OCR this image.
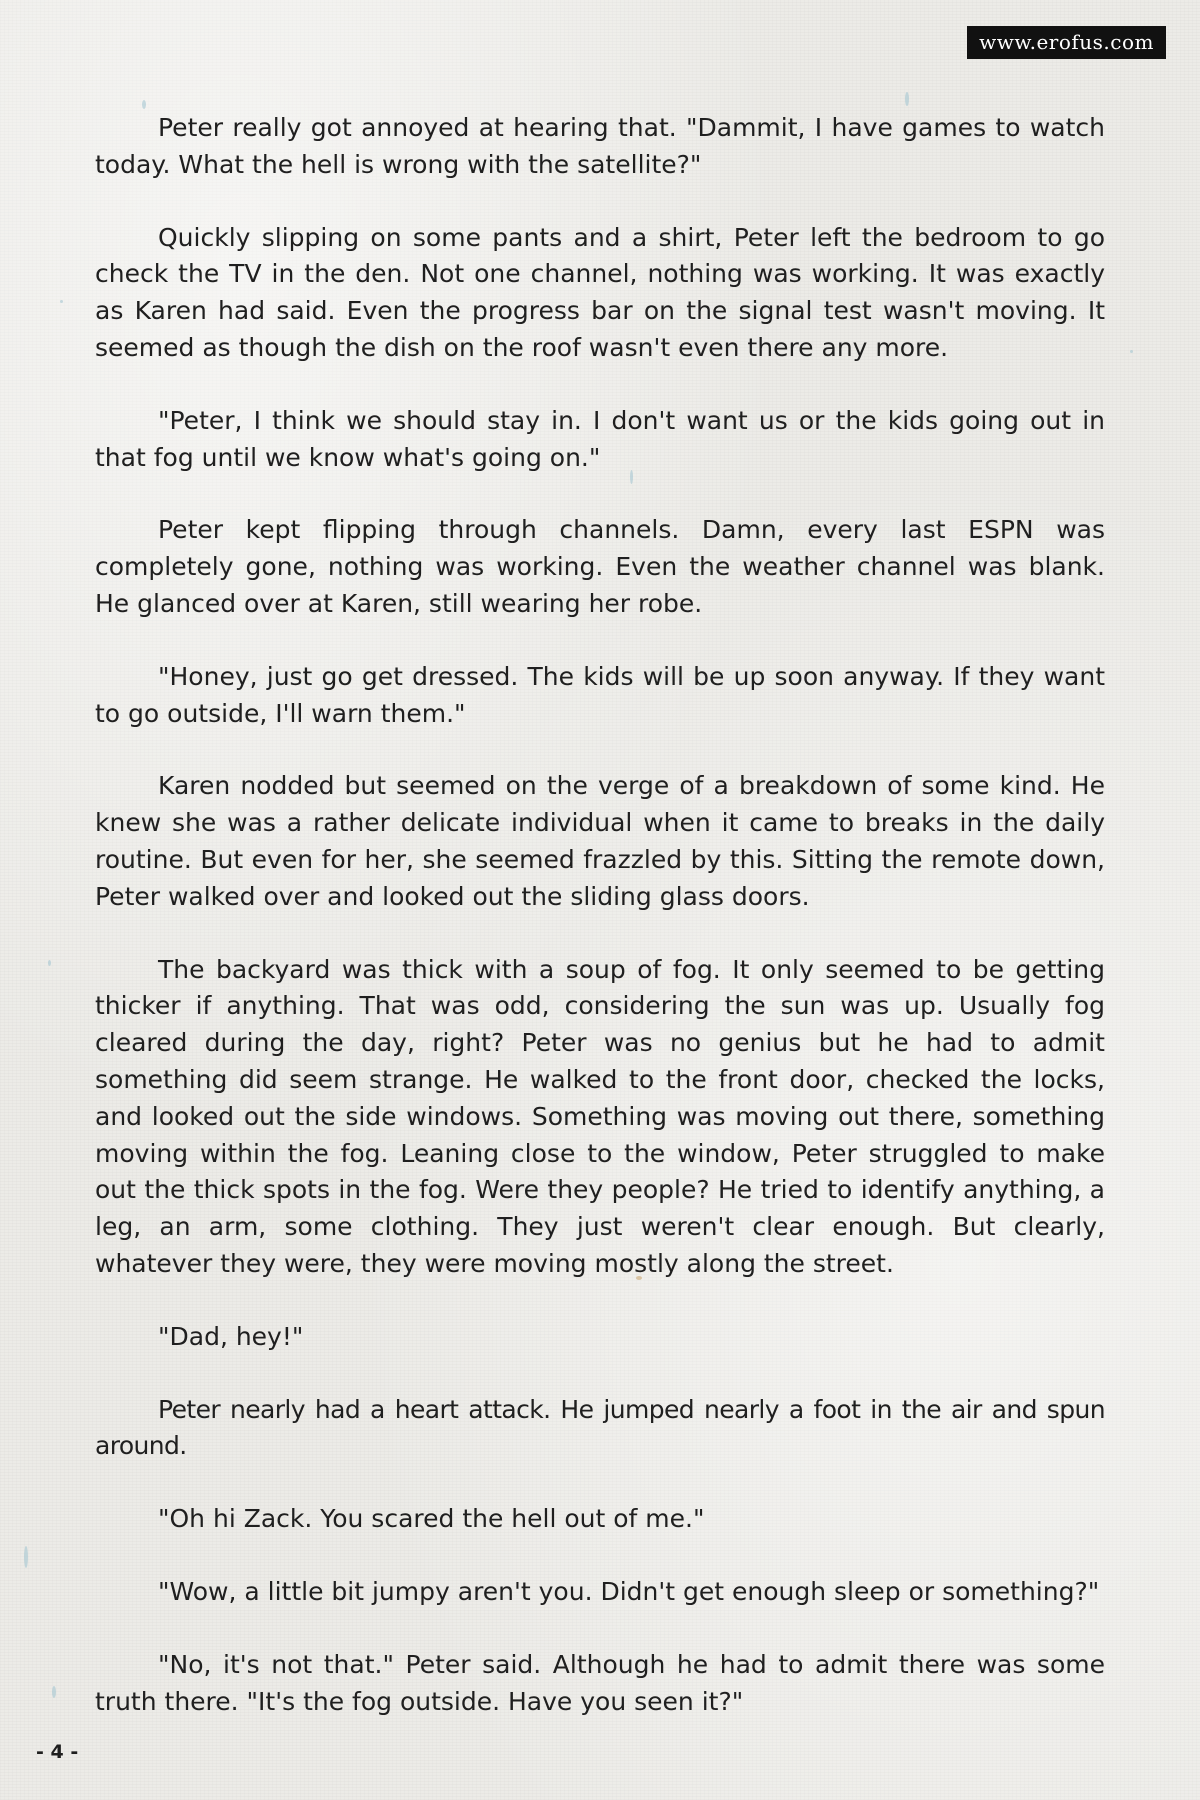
www.erofus.com

Peter really got annoyed at hearing that. "Dammit, I have games to watch today. What the hell is wrong with the satellite?"

Quickly slipping on some pants and a shirt, Peter left the bedroom to go check the TV in the den. Not one channel, nothing was working. It was exactly as Karen had said. Even the progress bar on the signal test wasn't moving. It seemed as though the dish on the roof wasn't even there any more.

"Peter, I think we should stay in. I don't want us or the kids going out in that fog until we know what's going on."

Peter kept flipping through channels. Damn, every last ESPN was completely gone, nothing was working. Even the weather channel was blank. He glanced over at Karen, still wearing her robe.

"Honey, just go get dressed. The kids will be up soon anyway. If they want to go outside, I'll warn them."

Karen nodded but seemed on the verge of a breakdown of some kind. He knew she was a rather delicate individual when it came to breaks in the daily routine. But even for her, she seemed frazzled by this. Sitting the remote down, Peter walked over and looked out the sliding glass doors.

The backyard was thick with a soup of fog. It only seemed to be getting thicker if anything. That was odd, considering the sun was up. Usually fog cleared during the day, right? Peter was no genius but he had to admit something did seem strange. He walked to the front door, checked the locks, and looked out the side windows. Something was moving out there, something moving within the fog. Leaning close to the window, Peter struggled to make out the thick spots in the fog. Were they people? He tried to identify anything, a leg, an arm, some clothing. They just weren't clear enough. But clearly, whatever they were, they were moving mostly along the street.

"Dad, hey!"

Peter nearly had a heart attack. He jumped nearly a foot in the air and spun around.

"Oh hi Zack. You scared the hell out of me."

"Wow, a little bit jumpy aren't you. Didn't get enough sleep or something?"

"No, it's not that." Peter said. Although he had to admit there was some truth there. "It's the fog outside. Have you seen it?"

- 4 -
